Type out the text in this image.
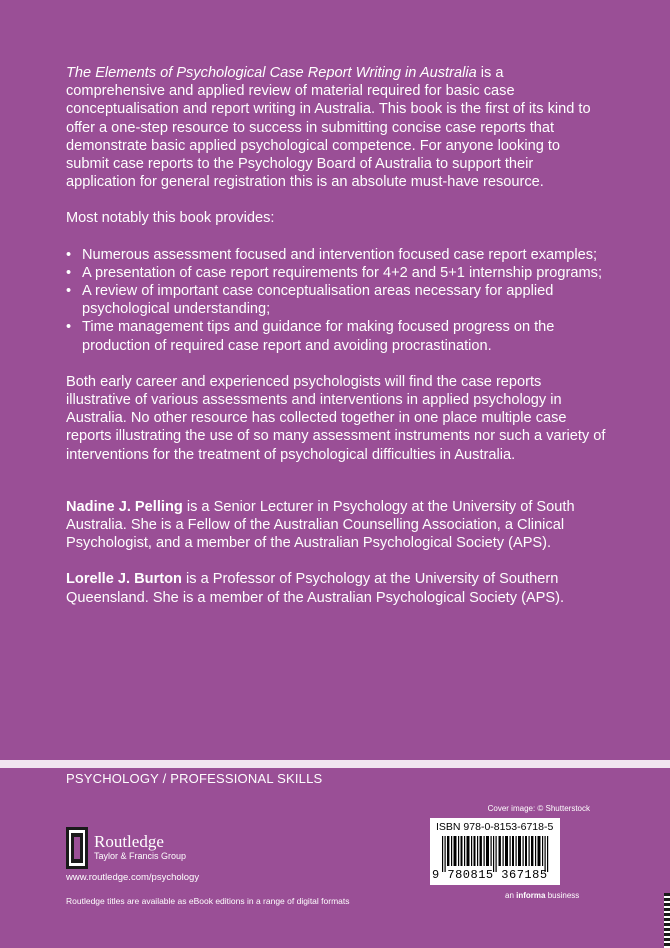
The Elements of Psychological Case Report Writing in Australia is a comprehensive and applied review of material required for basic case conceptualisation and report writing in Australia. This book is the first of its kind to offer a one-step resource to success in submitting concise case reports that demonstrate basic applied psychological competence. For anyone looking to submit case reports to the Psychology Board of Australia to support their application for general registration this is an absolute must-have resource.

Most notably this book provides:

• Numerous assessment focused and intervention focused case report examples;
• A presentation of case report requirements for 4+2 and 5+1 internship programs;
• A review of important case conceptualisation areas necessary for applied psychological understanding;
• Time management tips and guidance for making focused progress on the production of required case report and avoiding procrastination.

Both early career and experienced psychologists will find the case reports illustrative of various assessments and interventions in applied psychology in Australia. No other resource has collected together in one place multiple case reports illustrating the use of so many assessment instruments nor such a variety of interventions for the treatment of psychological difficulties in Australia.

Nadine J. Pelling is a Senior Lecturer in Psychology at the University of South Australia. She is a Fellow of the Australian Counselling Association, a Clinical Psychologist, and a member of the Australian Psychological Society (APS).

Lorelle J. Burton is a Professor of Psychology at the University of Southern Queensland. She is a member of the Australian Psychological Society (APS).

PSYCHOLOGY / PROFESSIONAL SKILLS
Cover image: © Shutterstock
ISBN 978-0-8153-6718-5
9 780815 367185
an informa business
Routledge
Taylor & Francis Group
www.routledge.com/psychology
Routledge titles are available as eBook editions in a range of digital formats
